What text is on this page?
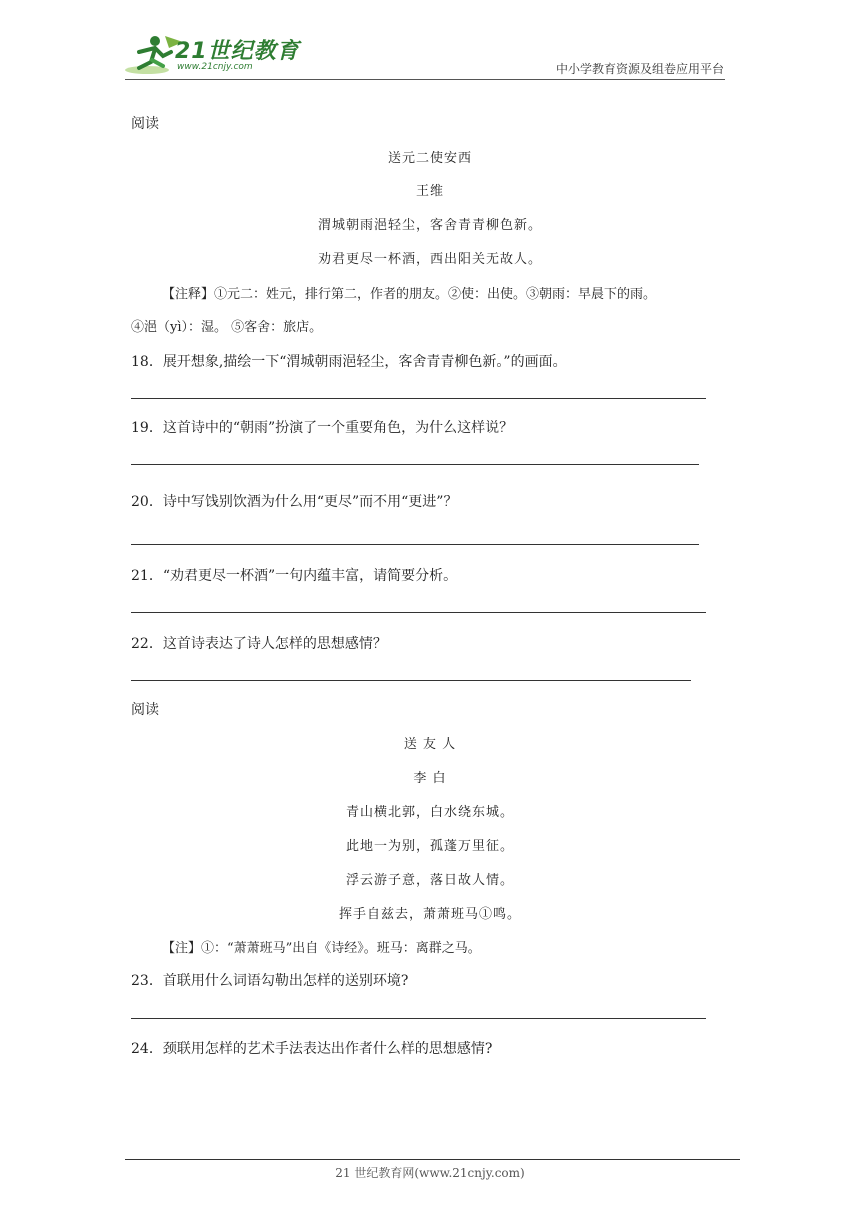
21世纪教育
www.21cnjy.com	中小学教育资源及组卷应用平台
阅读
送元二使安西
王维
渭城朝雨浥轻尘，客舍青青柳色新。
劝君更尽一杯酒，西出阳关无故人。
【注释】①元二：姓元，排行第二，作者的朋友。②使：出使。③朝雨：早晨下的雨。
④浥（yì）：湿。 ⑤客舍：旅店。
18．展开想象,描绘一下“渭城朝雨浥轻尘，客舍青青柳色新。”的画面。
19．这首诗中的“朝雨”扮演了一个重要角色，为什么这样说？
20．诗中写饯别饮酒为什么用“更尽”而不用“更进”？
21．“劝君更尽一杯酒”一句内蕴丰富，请简要分析。
22．这首诗表达了诗人怎样的思想感情？
阅读
送 友 人
李 白
青山横北郭，白水绕东城。
此地一为别，孤蓬万里征。
浮云游子意，落日故人情。
挥手自兹去，萧萧班马①鸣。
【注】①：“萧萧班马”出自《诗经》。班马：离群之马。
23．首联用什么词语勾勒出怎样的送别环境?
24．颈联用怎样的艺术手法表达出作者什么样的思想感情?
21 世纪教育网(www.21cnjy.com)
